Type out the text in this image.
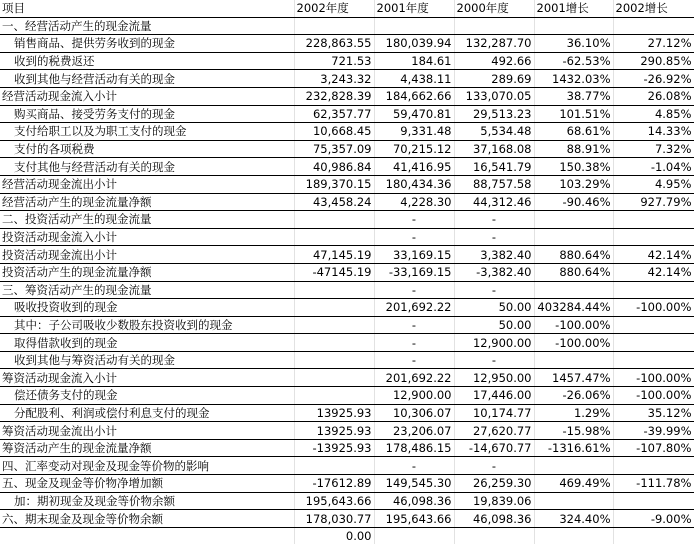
项目	2002年度	2001年度	2000年度	2001增长	2002增长
一、经营活动产生的现金流量					
销售商品、提供劳务收到的现金	228,863.55	180,039.94	132,287.70	36.10%	27.12%
收到的税费返还	721.53	184.61	492.66	-62.53%	290.85%
收到其他与经营活动有关的现金	3,243.32	4,438.11	289.69	1432.03%	-26.92%
经营活动现金流入小计	232,828.39	184,662.66	133,070.05	38.77%	26.08%
购买商品、接受劳务支付的现金	62,357.77	59,470.81	29,513.23	101.51%	4.85%
支付给职工以及为职工支付的现金	10,668.45	9,331.48	5,534.48	68.61%	14.33%
支付的各项税费	75,357.09	70,215.12	37,168.08	88.91%	7.32%
支付其他与经营活动有关的现金	40,986.84	41,416.95	16,541.79	150.38%	-1.04%
经营活动现金流出小计	189,370.15	180,434.36	88,757.58	103.29%	4.95%
经营活动产生的现金流量净额	43,458.24	4,228.30	44,312.46	-90.46%	927.79%
二、投资活动产生的现金流量		-	-		
投资活动现金流入小计		-	-		
投资活动现金流出小计	47,145.19	33,169.15	3,382.40	880.64%	42.14%
投资活动产生的现金流量净额	-47145.19	-33,169.15	-3,382.40	880.64%	42.14%
三、筹资活动产生的现金流量		-	-		
吸收投资收到的现金		201,692.22	50.00	403284.44%	-100.00%
其中：子公司吸收少数股东投资收到的现金		-	50.00	-100.00%	
取得借款收到的现金		-	12,900.00	-100.00%	
收到其他与筹资活动有关的现金		-	-		
筹资活动现金流入小计		201,692.22	12,950.00	1457.47%	-100.00%
偿还债务支付的现金		12,900.00	17,446.00	-26.06%	-100.00%
分配股利、利润或偿付利息支付的现金	13925.93	10,306.07	10,174.77	1.29%	35.12%
筹资活动现金流出小计	13925.93	23,206.07	27,620.77	-15.98%	-39.99%
筹资活动产生的现金流量净额	-13925.93	178,486.15	-14,670.77	-1316.61%	-107.80%
四、汇率变动对现金及现金等价物的影响		-	-		
五、现金及现金等价物净增加额	-17612.89	149,545.30	26,259.30	469.49%	-111.78%
加：期初现金及现金等价物余额	195,643.66	46,098.36	19,839.06		
六、期末现金及现金等价物余额	178,030.77	195,643.66	46,098.36	324.40%	-9.00%
	0.00				
